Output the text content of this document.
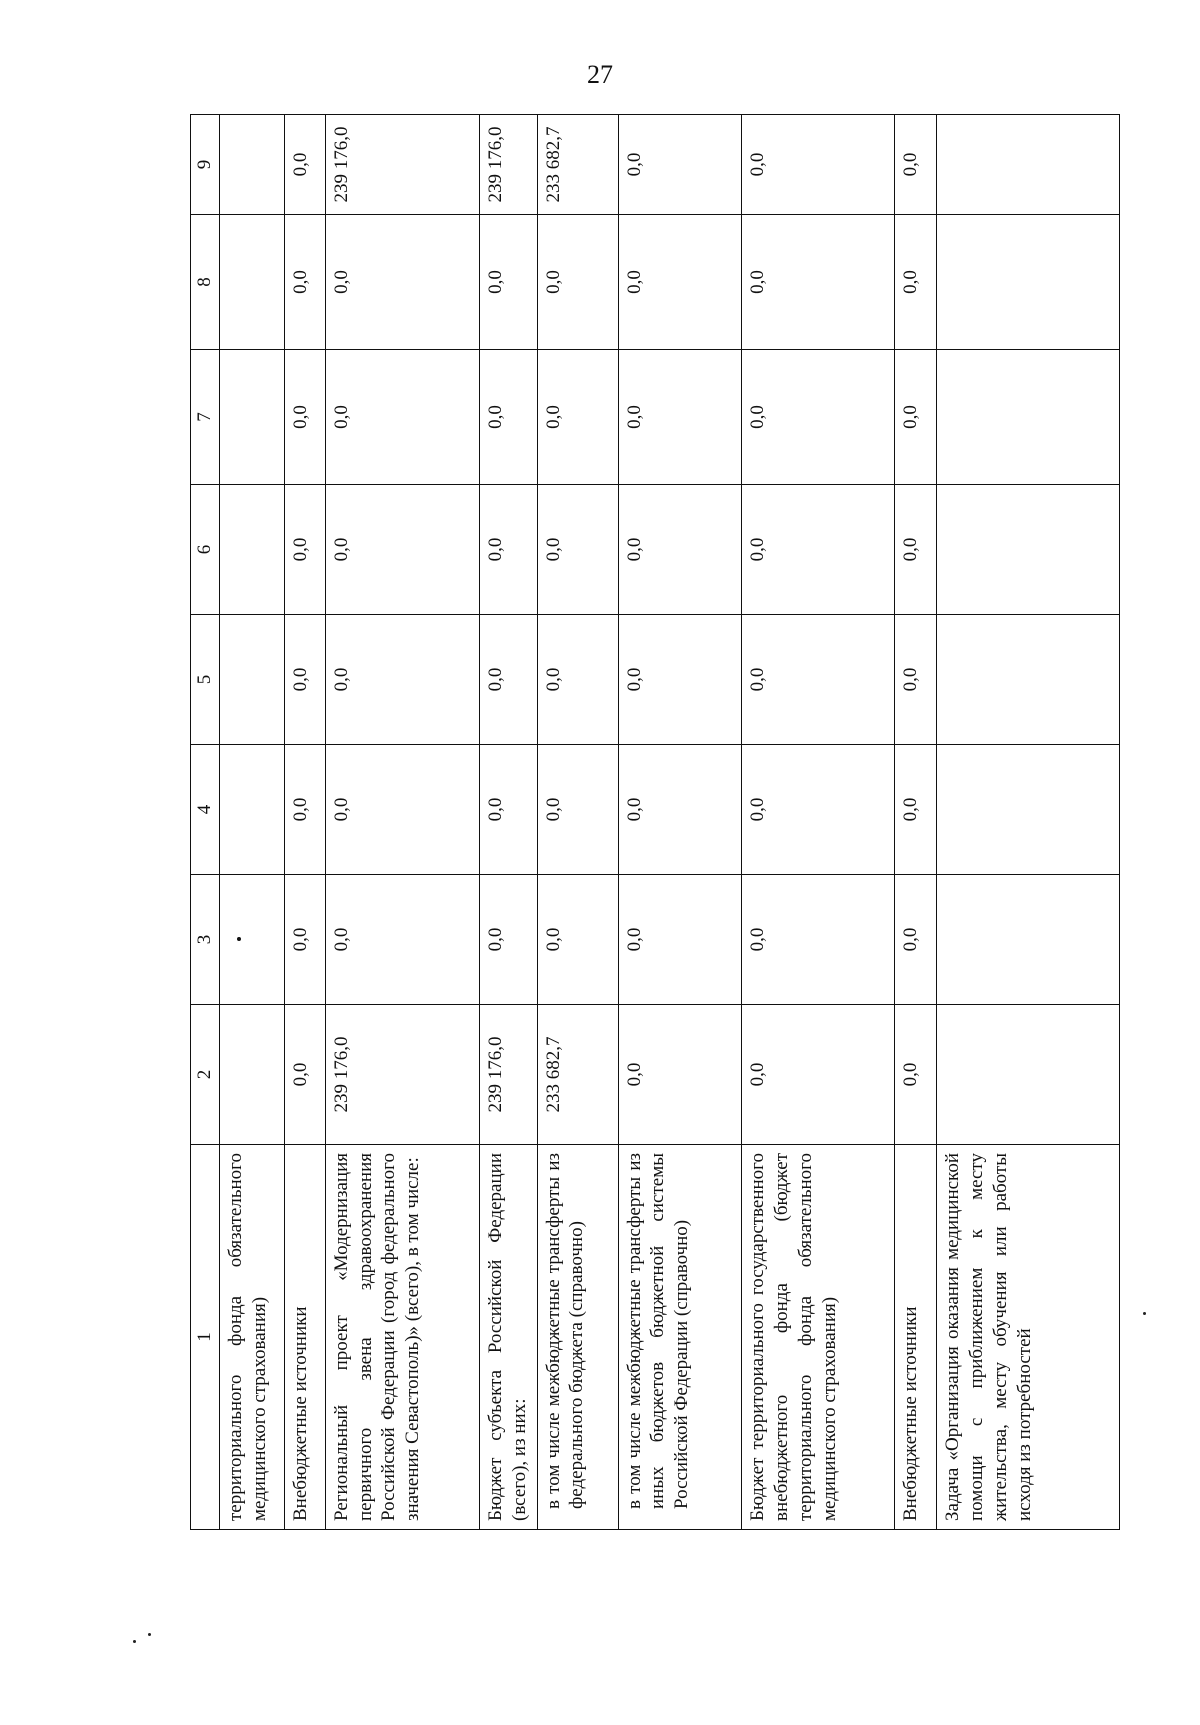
27
1	2	3	4	5	6	7	8	9
территориального фонда обязательного медицинского страхования)								
Внебюджетные источники	0,0	0,0	0,0	0,0	0,0	0,0	0,0	0,0
Региональный проект «Модернизация первичного звена здравоохранения Российской Федерации (город федерального значения Севастополь)» (всего), в том числе:	239 176,0	0,0	0,0	0,0	0,0	0,0	0,0	239 176,0
Бюджет субъекта Российской Федерации (всего), из них:	239 176,0	0,0	0,0	0,0	0,0	0,0	0,0	239 176,0
в том числе межбюджетные трансферты из федерального бюджета (справочно)	233 682,7	0,0	0,0	0,0	0,0	0,0	0,0	233 682,7
в том числе межбюджетные трансферты из иных бюджетов бюджетной системы Российской Федерации (справочно)	0,0	0,0	0,0	0,0	0,0	0,0	0,0	0,0
Бюджет территориального государственного внебюджетного фонда (бюджет территориального фонда обязательного медицинского страхования)	0,0	0,0	0,0	0,0	0,0	0,0	0,0	0,0
Внебюджетные источники	0,0	0,0	0,0	0,0	0,0	0,0	0,0	0,0
Задача «Организация оказания медицинской помощи с приближением к месту жительства, месту обучения или работы исходя из потребностей								
